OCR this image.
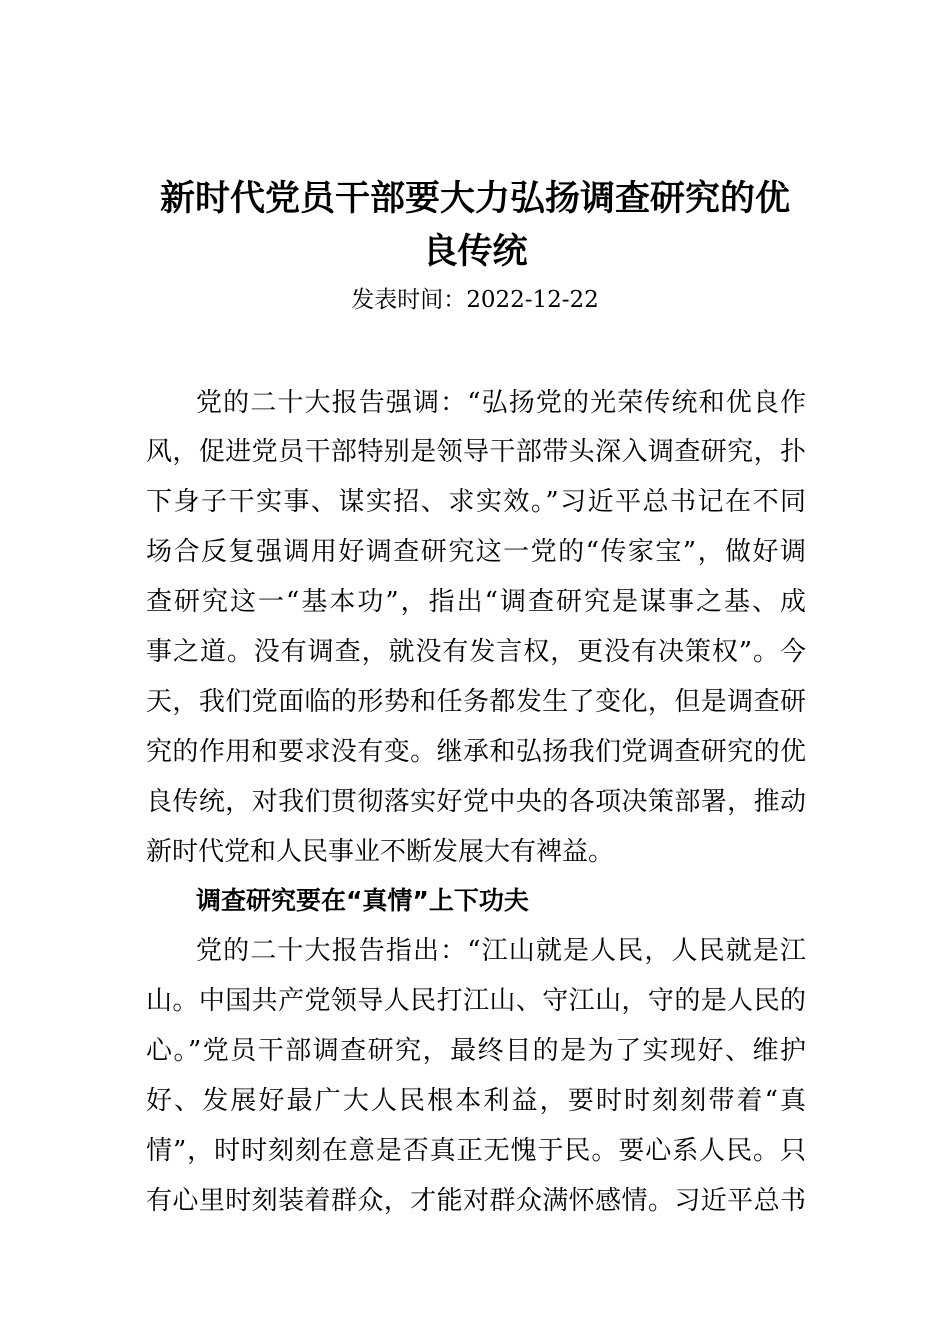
新时代党员干部要大力弘扬调查研究的优
良传统
发表时间：2022-12-22
党的二十大报告强调：“弘扬党的光荣传统和优良作
风，促进党员干部特别是领导干部带头深入调查研究，扑
下身子干实事、谋实招、求实效。”习近平总书记在不同
场合反复强调用好调查研究这一党的“传家宝”，做好调
查研究这一“基本功”，指出“调查研究是谋事之基、成
事之道。没有调查，就没有发言权，更没有决策权”。今
天，我们党面临的形势和任务都发生了变化，但是调查研
究的作用和要求没有变。继承和弘扬我们党调查研究的优
良传统，对我们贯彻落实好党中央的各项决策部署，推动
新时代党和人民事业不断发展大有裨益。
调查研究要在“真情”上下功夫
党的二十大报告指出：“江山就是人民，人民就是江
山。中国共产党领导人民打江山、守江山，守的是人民的
心。”党员干部调查研究，最终目的是为了实现好、维护
好、发展好最广大人民根本利益，要时时刻刻带着“真
情”，时时刻刻在意是否真正无愧于民。要心系人民。只
有心里时刻装着群众，才能对群众满怀感情。习近平总书
